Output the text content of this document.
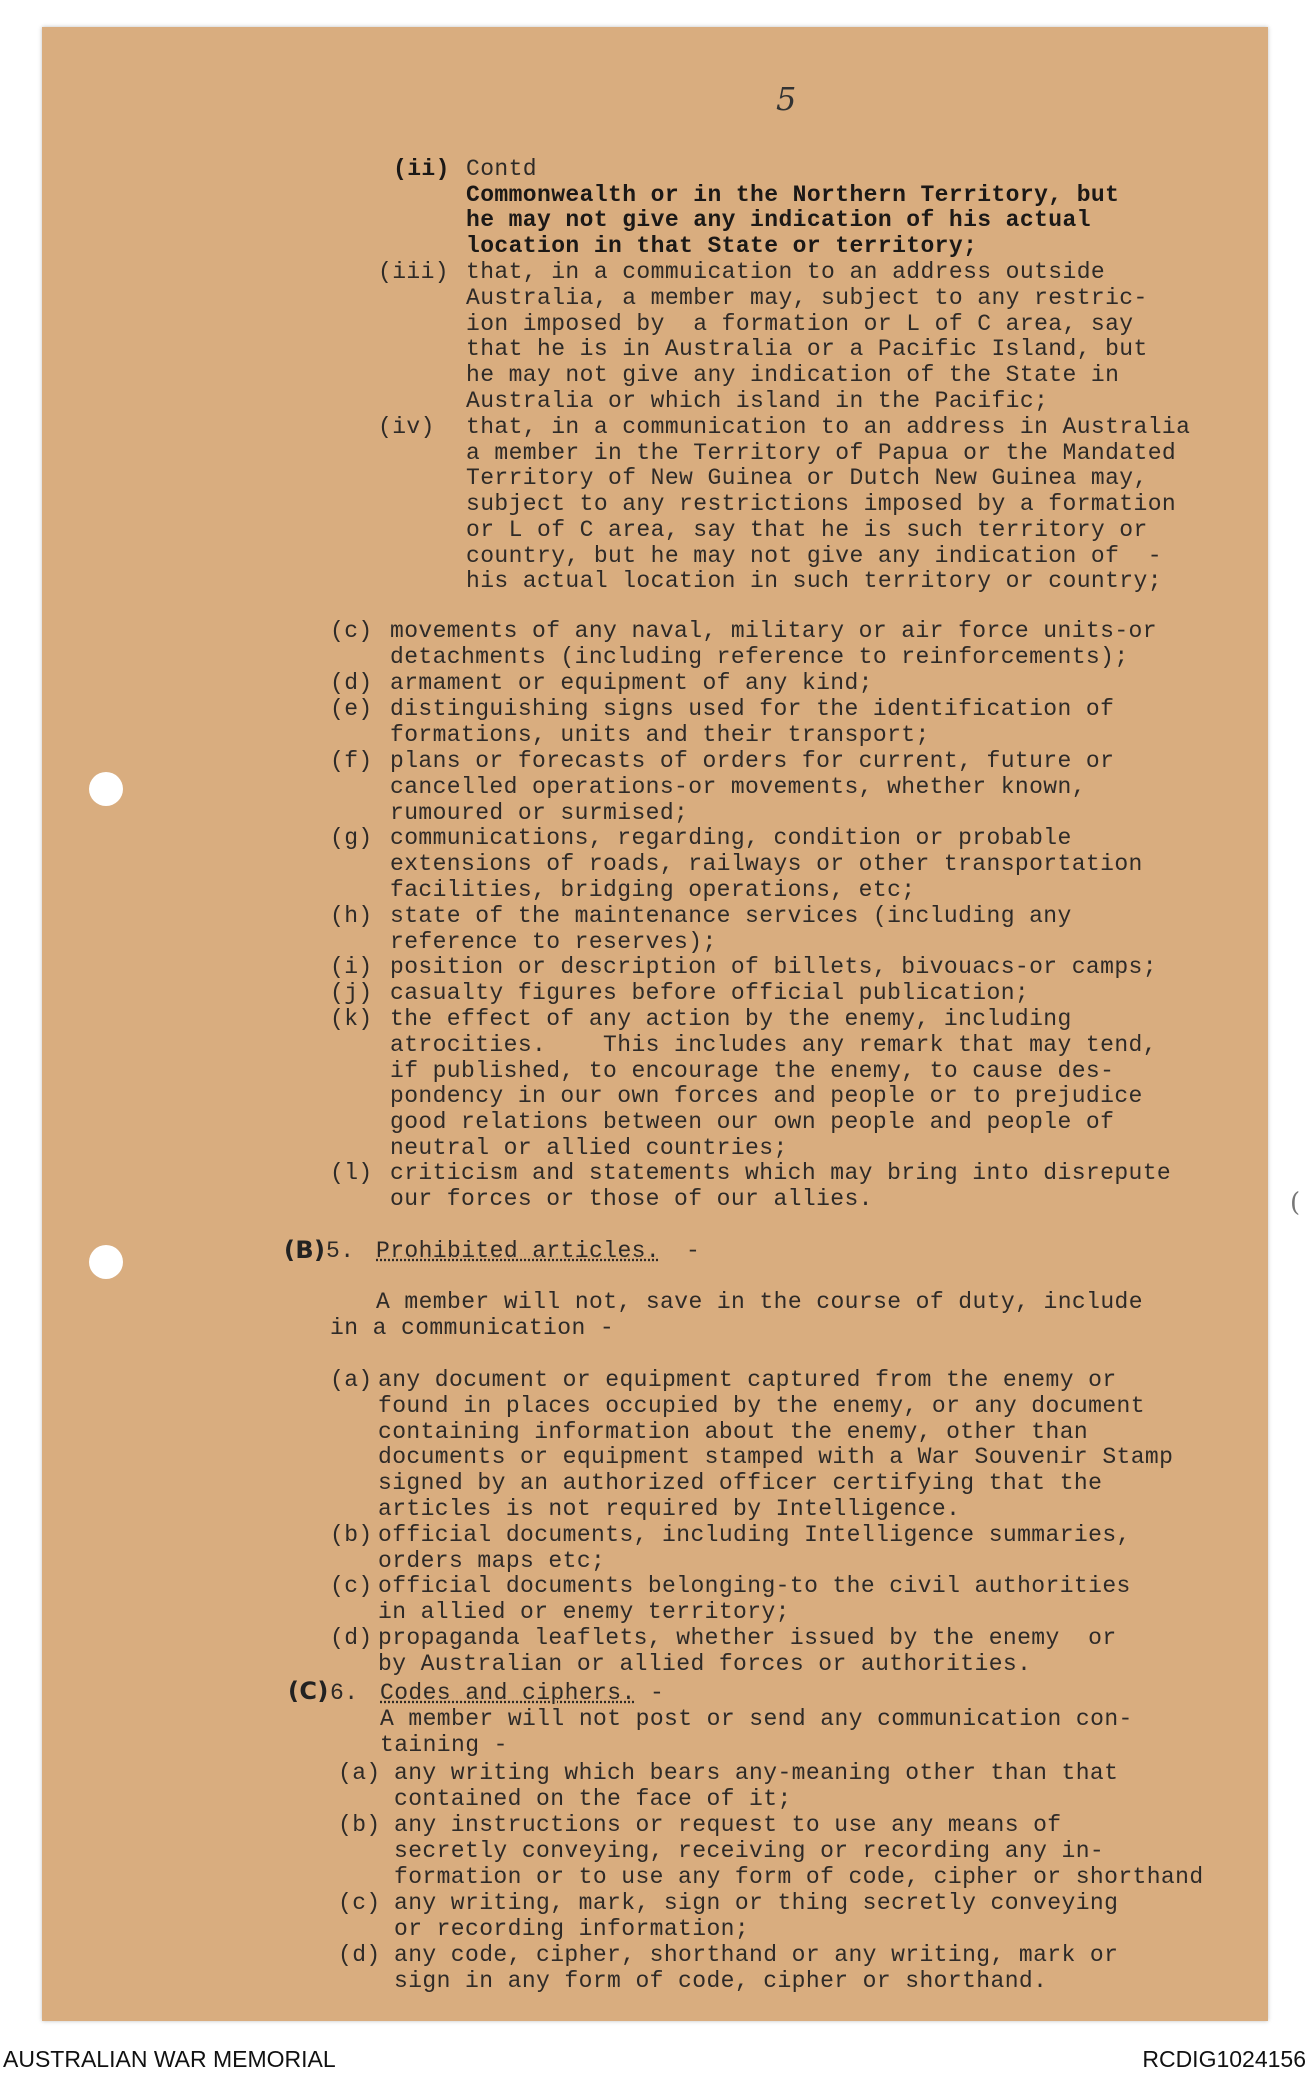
5
(
(ii) Contd
Commonwealth or in the Northern Territory, but
he may not give any indication of his actual
location in that State or territory;
(iii) that, in a commuication to an address outside
Australia, a member may, subject to any restric-
ion imposed by  a formation or L of C area, say
that he is in Australia or a Pacific Island, but
he may not give any indication of the State in
Australia or which island in the Pacific;
(iv) that, in a communication to an address in Australia
a member in the Territory of Papua or the Mandated
Territory of New Guinea or Dutch New Guinea may,
subject to any restrictions imposed by a formation
or L of C area, say that he is such territory or
country, but he may not give any indication of  -
his actual location in such territory or country;
(c) movements of any naval, military or air force units-or
detachments (including reference to reinforcements);
(d) armament or equipment of any kind;
(e) distinguishing signs used for the identification of
formations, units and their transport;
(f) plans or forecasts of orders for current, future or
cancelled operations-or movements, whether known,
rumoured or surmised;
(g) communications, regarding, condition or probable
extensions of roads, railways or other transportation
facilities, bridging operations, etc;
(h) state of the maintenance services (including any
reference to reserves);
(i) position or description of billets, bivouacs-or camps;
(j) casualty figures before official publication;
(k) the effect of any action by the enemy, including
atrocities.    This includes any remark that may tend,
if published, to encourage the enemy, to cause des-
pondency in our own forces and people or to prejudice
good relations between our own people and people of
neutral or allied countries;
(l) criticism and statements which may bring into disrepute
our forces or those of our allies.
(B) 5. Prohibited articles. -
A member will not, save in the course of duty, include
in a communication -
(a) any document or equipment captured from the enemy or
found in places occupied by the enemy, or any document
containing information about the enemy, other than
documents or equipment stamped with a War Souvenir Stamp
signed by an authorized officer certifying that the
articles is not required by Intelligence.
(b) official documents, including Intelligence summaries,
orders maps etc;
(c) official documents belonging-to the civil authorities
in allied or enemy territory;
(d) propaganda leaflets, whether issued by the enemy  or
by Australian or allied forces or authorities.
(C) 6. Codes and ciphers. -
A member will not post or send any communication con-
taining -
(a) any writing which bears any-meaning other than that
contained on the face of it;
(b) any instructions or request to use any means of
secretly conveying, receiving or recording any in-
formation or to use any form of code, cipher or shorthand
(c) any writing, mark, sign or thing secretly conveying
or recording information;
(d) any code, cipher, shorthand or any writing, mark or
sign in any form of code, cipher or shorthand.
AUSTRALIAN WAR MEMORIAL	RCDIG1024156
